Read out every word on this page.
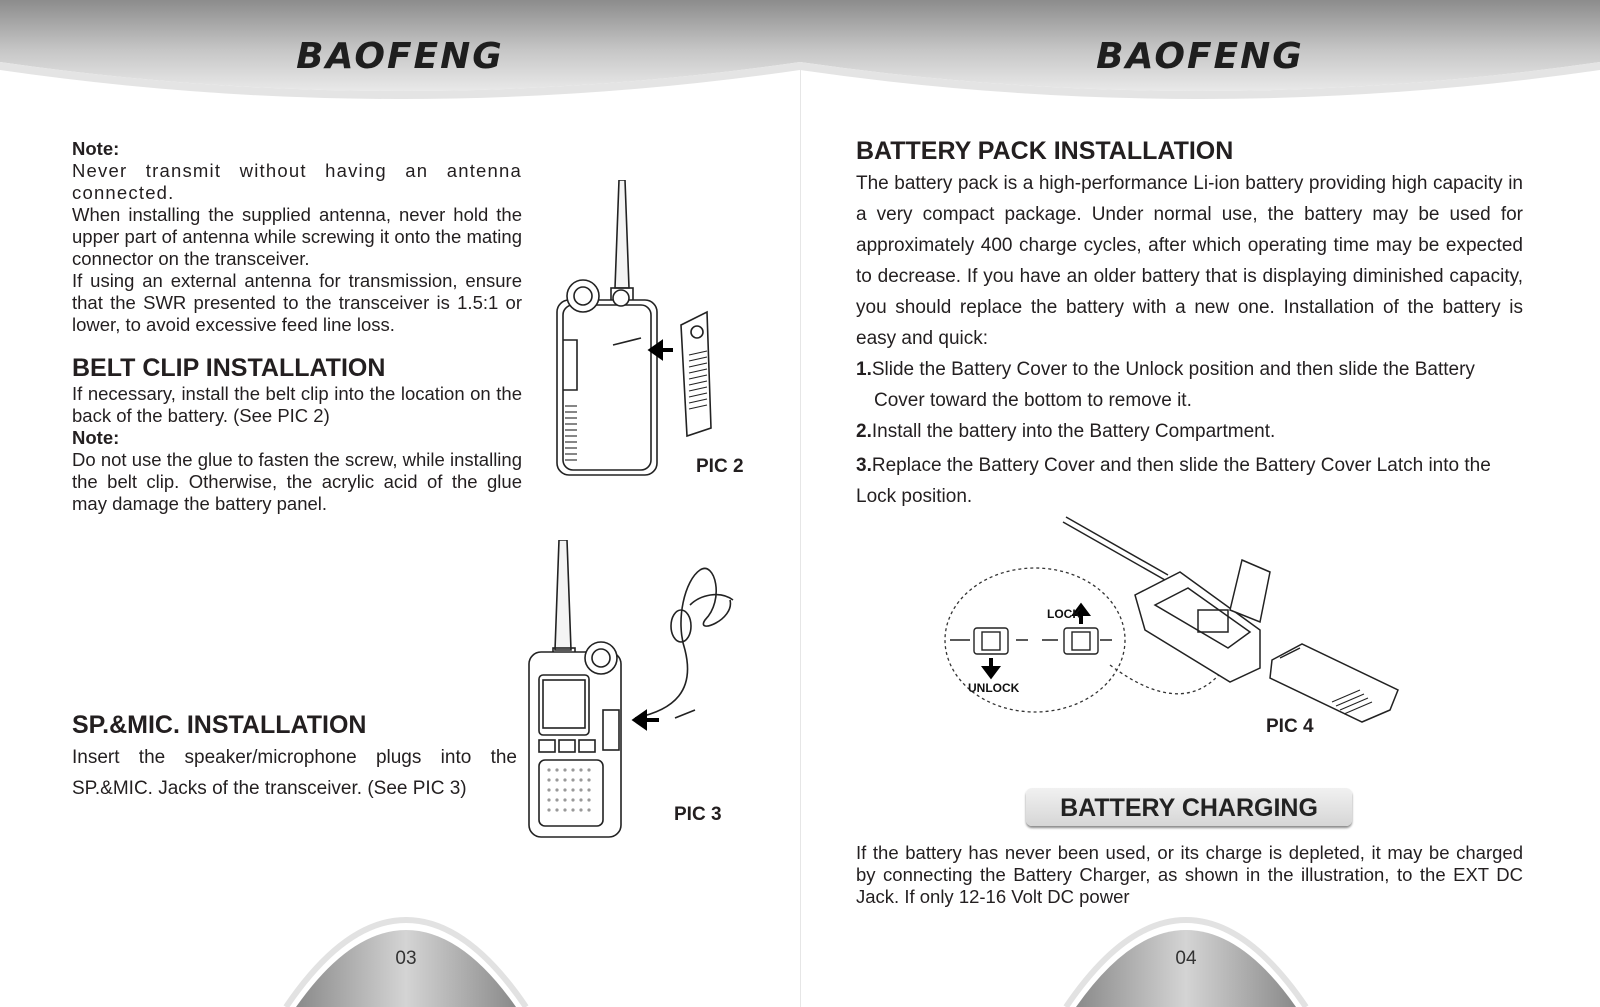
BAOFENG

Note:

Never transmit without having an antenna connected.

When installing the supplied antenna, never hold the upper part of antenna while screwing it onto the mating connector on the transceiver.

If using an external antenna for transmission, ensure that the SWR presented to the transceiver is 1.5:1 or lower, to avoid excessive feed line loss.

BELT CLIP INSTALLATION

If necessary, install the belt clip into the location on the back of the battery. (See PIC 2)

Note:

Do not use the glue to fasten the screw, while installing the belt clip. Otherwise, the acrylic acid of the glue may damage the battery panel.

PIC 2
SP.&MIC. INSTALLATION

Insert the speaker/microphone plugs into the SP.&MIC. Jacks of the transceiver. (See PIC 3)

PIC 3
03
BAOFENG
BATTERY PACK INSTALLATION

The battery pack is a high-performance Li-ion battery providing high capacity in a very compact package. Under normal use, the battery may be used for approximately 400 charge cycles, after which operating time may be expected to decrease. If you have an older battery that is displaying diminished capacity, you should replace the battery with a new one. Installation of the battery is easy and quick:

1.Slide the Battery Cover to the Unlock position and then slide the Battery Cover toward the bottom to remove it.

2.Install the battery into the Battery Compartment.

3.Replace the Battery Cover and then slide the Battery Cover Latch into the Lock position.

LOCK
UNLOCK
PIC 4
BATTERY CHARGING

If the battery has never been used, or its charge is depleted, it may be charged by connecting the Battery Charger, as shown in the illustration, to the EXT DC Jack. If only 12-16 Volt DC power

04
